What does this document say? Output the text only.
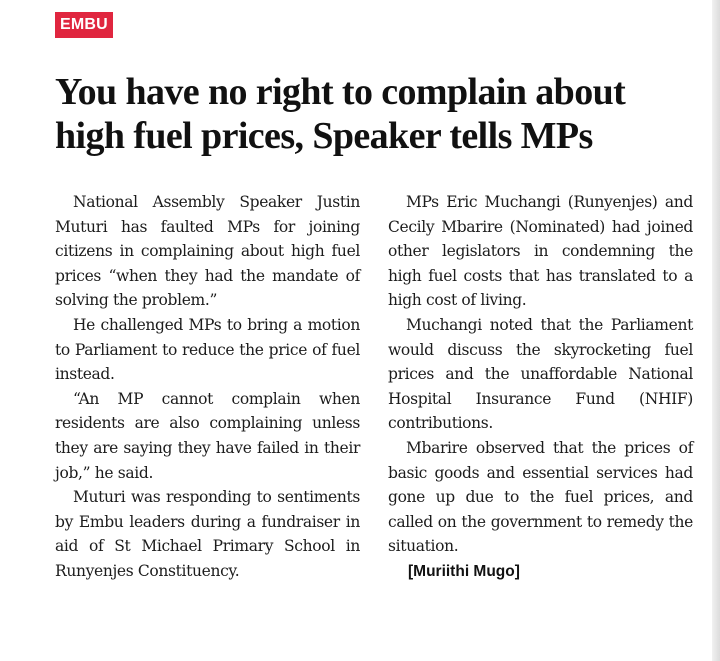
EMBU
You have no right to complain about high fuel prices, Speaker tells MPs

National Assembly Speaker Justin Muturi has faulted MPs for joining citizens in complaining about high fuel prices “when they had the mandate of solving the problem.”

He challenged MPs to bring a motion to Parliament to reduce the price of fuel instead.

“An MP cannot complain when residents are also complaining unless they are saying they have failed in their job,” he said.

Muturi was responding to sentiments by Embu leaders during a fundraiser in aid of St Michael Primary School in Runyenjes Constituency.

MPs Eric Muchangi (Runyenjes) and Cecily Mbarire (Nominated) had joined other legislators in condemning the high fuel costs that has translated to a high cost of living.

Muchangi noted that the Parliament would discuss the skyrocketing fuel prices and the unaffordable National Hospital Insurance Fund (NHIF) contributions.

Mbarire observed that the prices of basic goods and essential services had gone up due to the fuel prices, and called on the government to remedy the situation.

[Muriithi Mugo]
